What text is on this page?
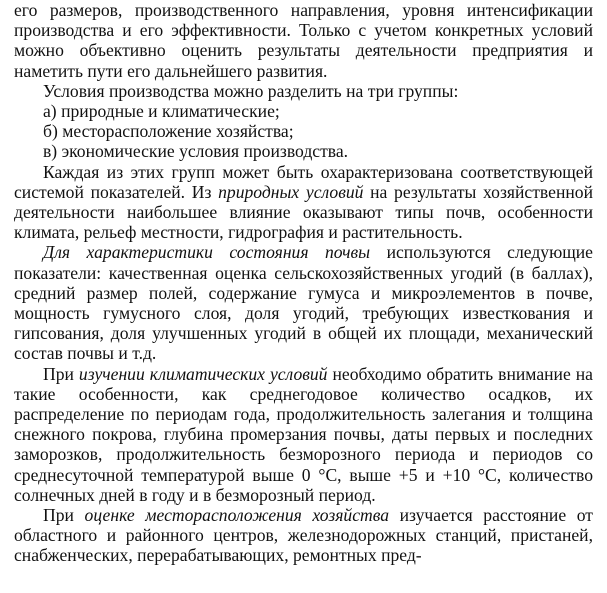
его размеров, производственного направления, уровня интенсификации производства и его эффективности. Только с учетом конкретных условий можно объективно оценить результаты деятельности предприятия и наметить пути его дальнейшего развития.

Условия производства можно разделить на три группы:

а) природные и климатические;

б) месторасположение хозяйства;

в) экономические условия производства.

Каждая из этих групп может быть охарактеризована соответствующей системой показателей. Из природных условий на результаты хозяйственной деятельности наибольшее влияние оказывают типы почв, особенности климата, рельеф местности, гидрография и растительность.

Для характеристики состояния почвы используются следующие показатели: качественная оценка сельскохозяйственных угодий (в баллах), средний размер полей, содержание гумуса и микроэлементов в почве, мощность гумусного слоя, доля угодий, требующих известкования и гипсования, доля улучшенных угодий в общей их площади, механический состав почвы и т.д.

При изучении климатических условий необходимо обратить внимание на такие особенности, как среднегодовое количество осадков, их распределение по периодам года, продолжительность залегания и толщина снежного покрова, глубина промерзания почвы, даты первых и последних заморозков, продолжительность безморозного периода и периодов со среднесуточной температурой выше 0 °С, выше +5 и +10 °С, количество солнечных дней в году и в безморозный период.

При оценке месторасположения хозяйства изучается расстояние от областного и районного центров, железнодорожных станций, пристаней, снабженческих, перерабатывающих, ремонтных пред-
